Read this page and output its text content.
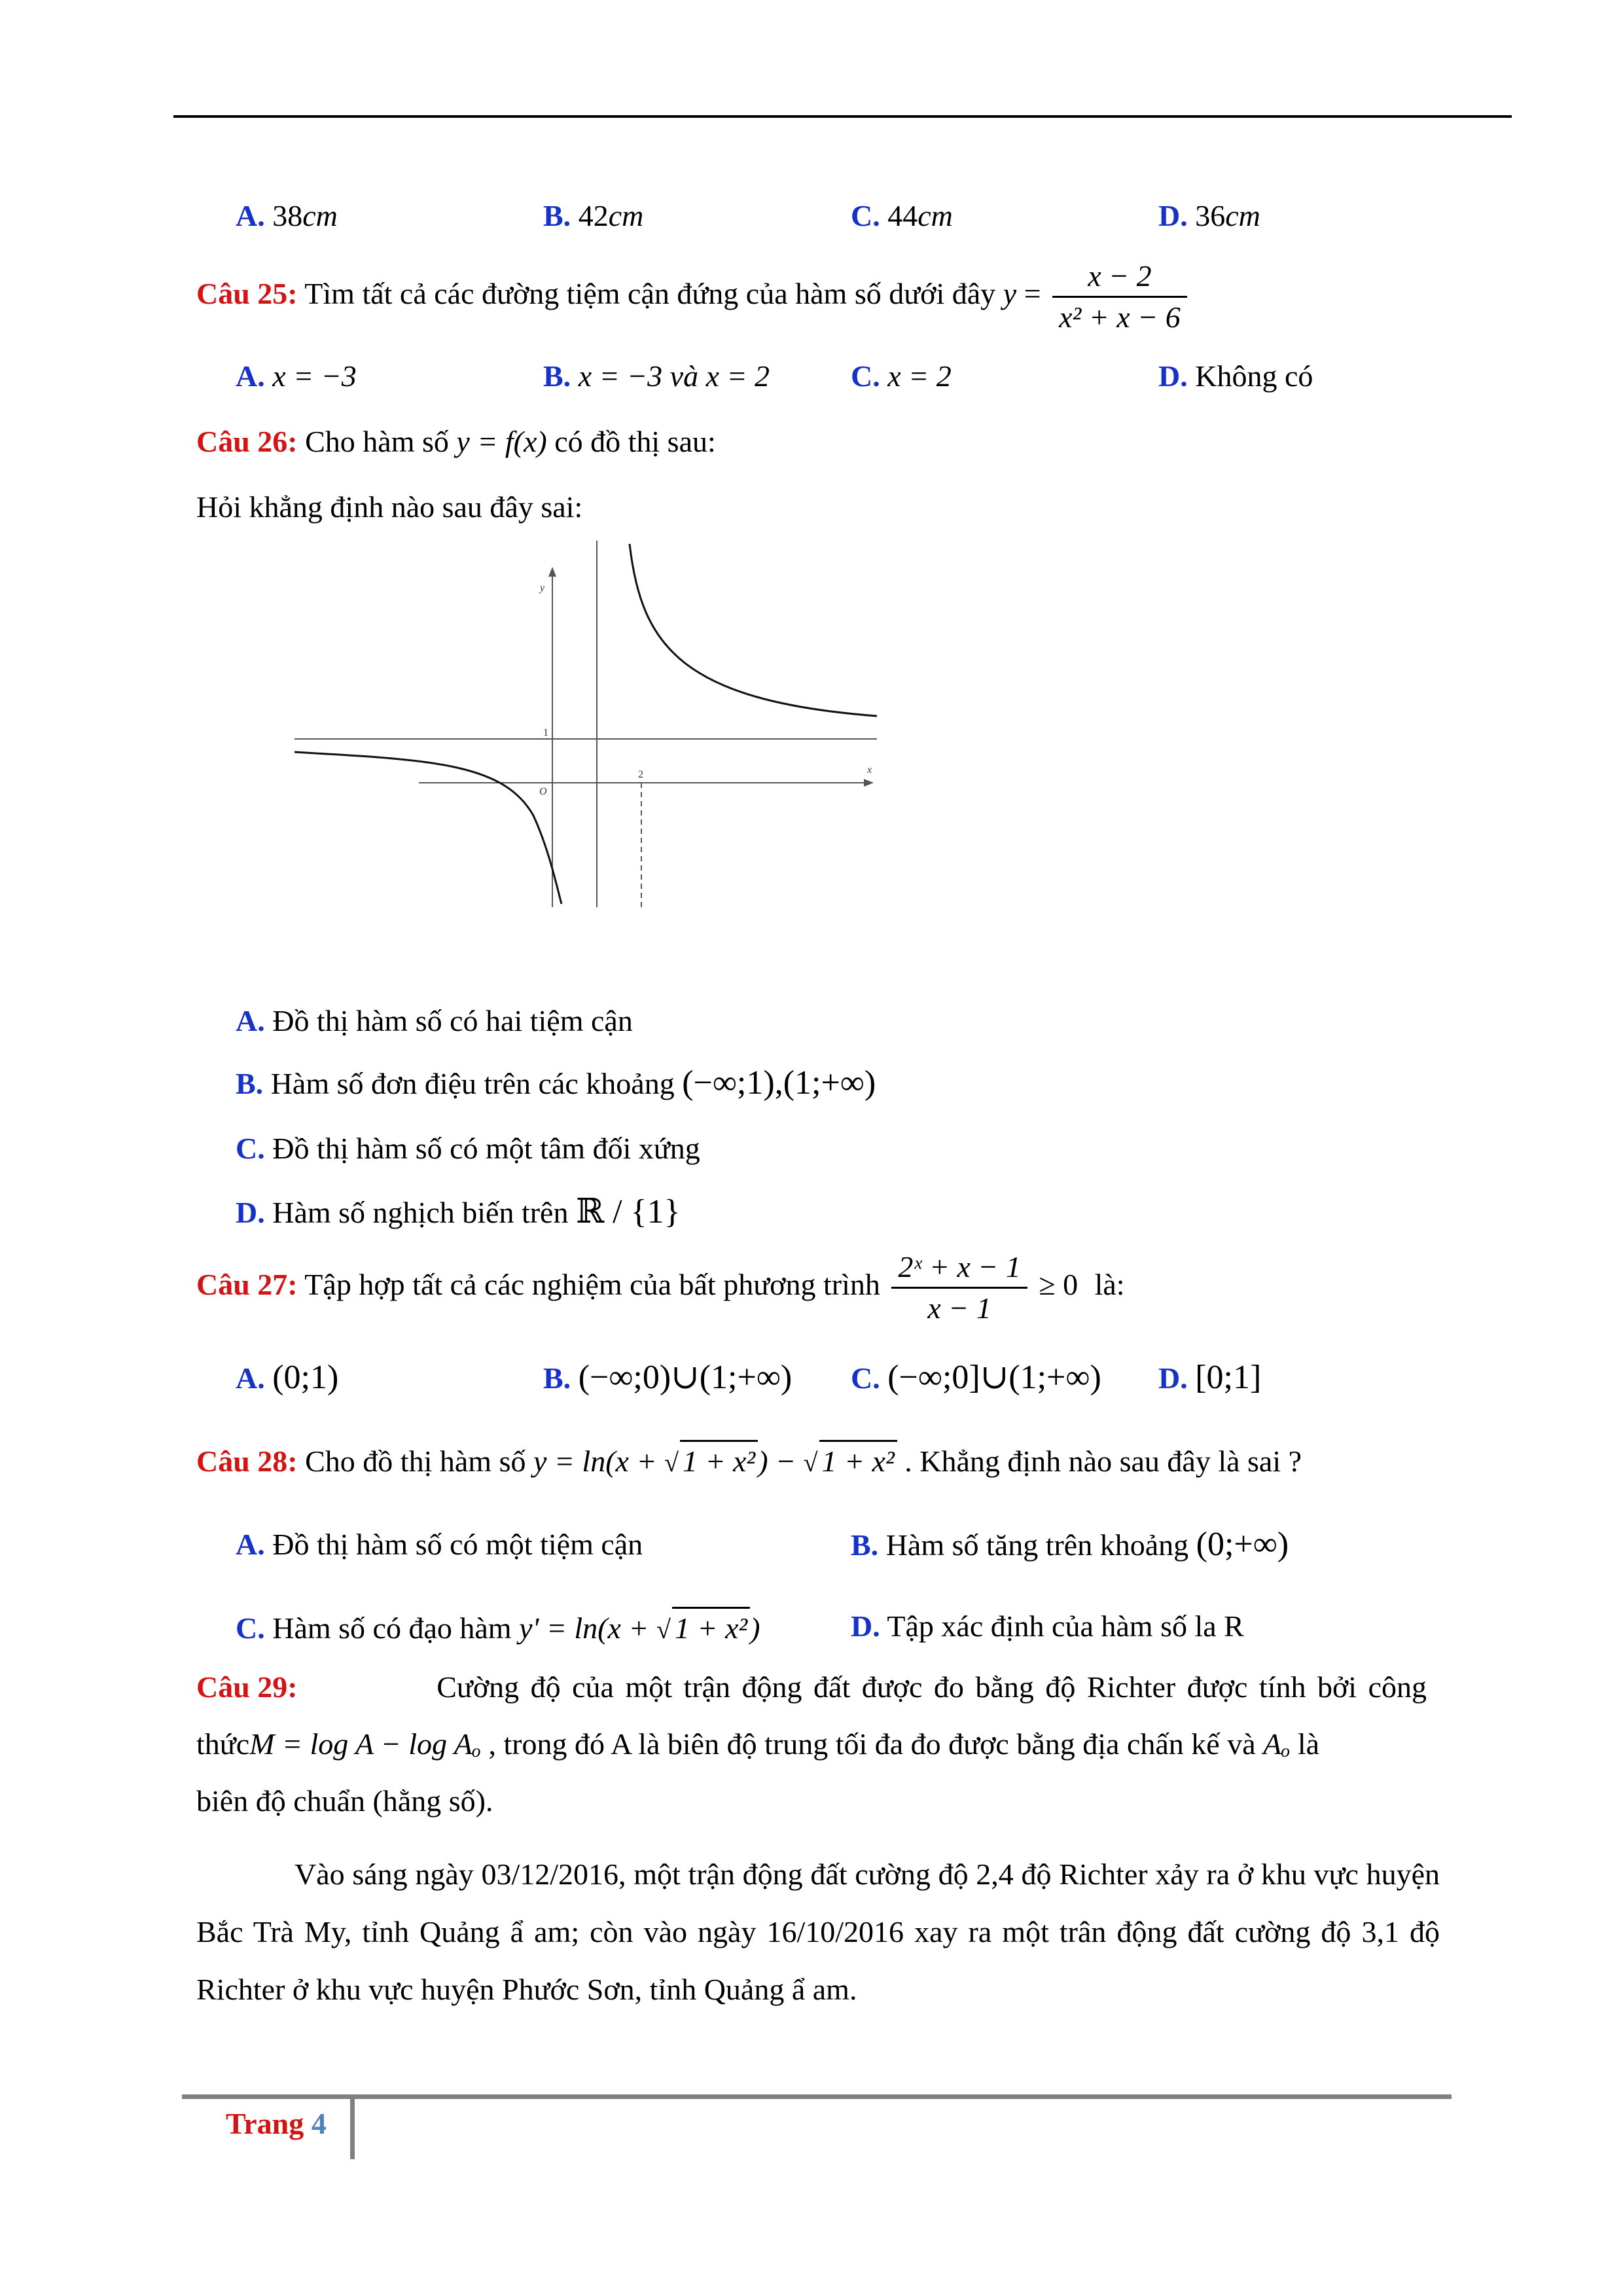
A. 38cm	B. 42cm	C. 44cm	D. 36cm
Câu 25: Tìm tất cả các đường tiệm cận đứng của hàm số dưới đây $y = \frac{x - 2}{\text{x² + x − 6}}$
A. x = −3	B. x = −3 và x = 2	C. x = 2	D. Không có
Câu 26: Cho hàm số y = f(x) có đồ thị sau:
Hỏi khẳng định nào sau đây sai:
y
x
O
1
2
A. Đồ thị hàm số có hai tiệm cận
B. Hàm số đơn điệu trên các khoảng (−∞;1),(1;+∞)
C. Đồ thị hàm số có một tâm đối xứng
D. Hàm số nghịch biến trên ℝ / {1}
Câu 27: Tập hợp tất cả các nghiệm của bất phương trình $\frac{\text{2ˣ + x − 1}}{x - 1} \ge 0$ là:
A. (0;1)	B. (−∞;0)∪(1;+∞) C. (−∞;0]∪(1;+∞) D. [0;1]
Câu 28: Cho đồ thị hàm số y = ln(x + √ 1 + x²) − √ 1 + x² . Khẳng định nào sau đây là sai ?
A. Đồ thị hàm số có một tiệm cận	B. Hàm số tăng trên khoảng (0;+∞)
C. Hàm số có đạo hàm y' = ln(x + √ 1 + x²)	D. Tập xác định của hàm số la R
Câu 29:	Cường độ của một trận động đất được đo bằng độ Richter được tính bởi công
thứcM = log A − log Aₒ , trong đó A là biên độ trung tối đa đo được bằng địa chấn kế và Aₒ là
biên độ chuẩn (hằng số).
Vào sáng ngày 03/12/2016, một trận động đất cường độ 2,4 độ Richter xảy ra ở khu vực huyện Bắc Trà My, tỉnh Quảng ẩ am; còn vào ngày 16/10/2016 xay ra một trân động đất cường độ 3,1 độ Richter ở khu vực huyện Phước Sơn, tỉnh Quảng ẩ am.
Trang 4
